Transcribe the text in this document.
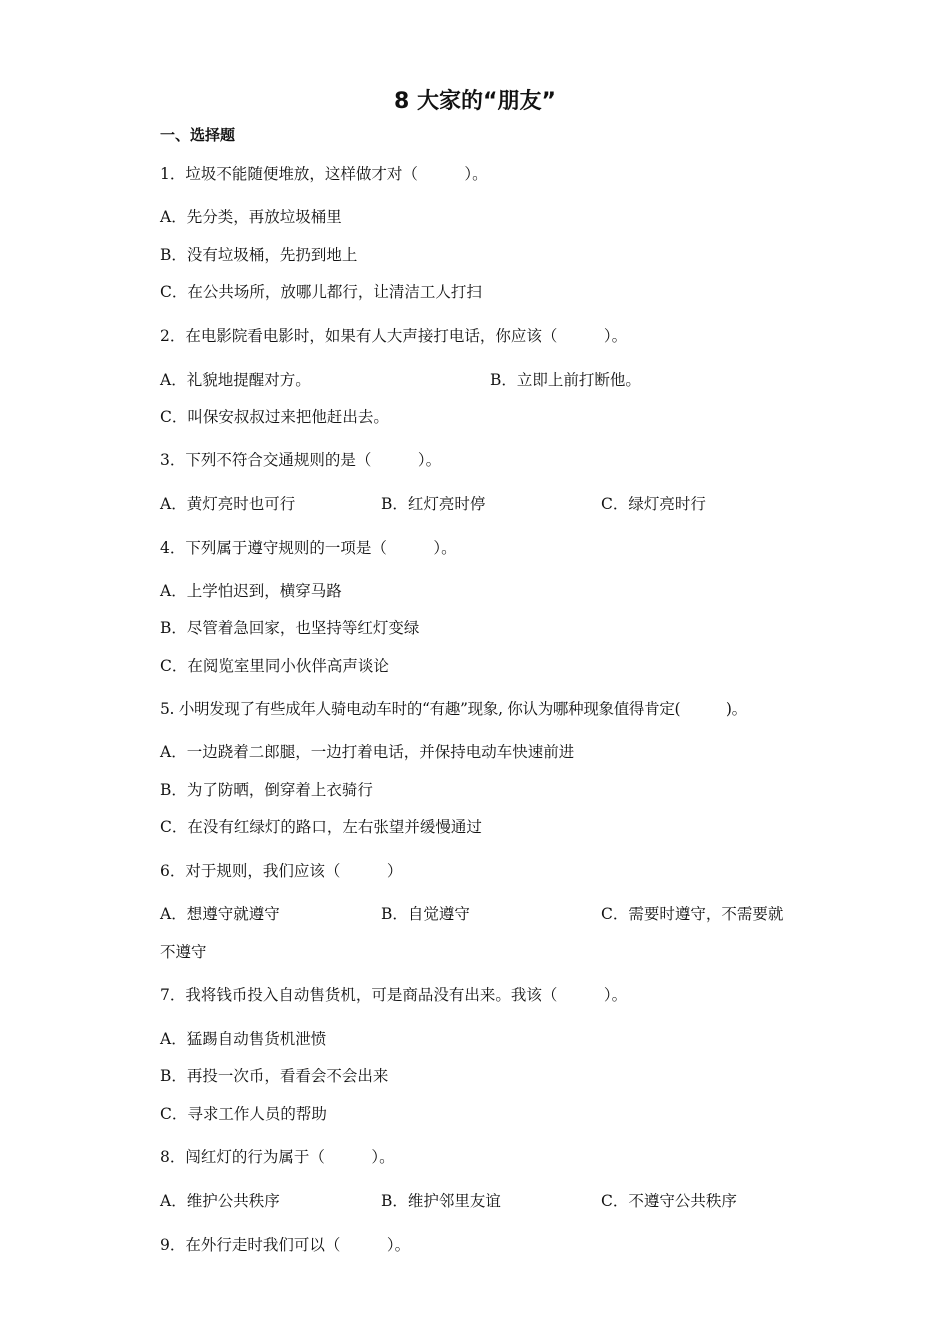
8 大家的“朋友”
一、选择题
1．垃圾不能随便堆放，这样做才对（　　　）。
A．先分类，再放垃圾桶里
B．没有垃圾桶，先扔到地上
C．在公共场所，放哪儿都行，让清洁工人打扫
2．在电影院看电影时，如果有人大声接打电话，你应该（　　　）。
A．礼貌地提醒对方。	B．立即上前打断他。
C．叫保安叔叔过来把他赶出去。
3．下列不符合交通规则的是（　　　）。
A．黄灯亮时也可行	B．红灯亮时停	C．绿灯亮时行
4．下列属于遵守规则的一项是（　　　）。
A．上学怕迟到，横穿马路
B．尽管着急回家，也坚持等红灯变绿
C．在阅览室里同小伙伴高声谈论
5. 小明发现了有些成年人骑电动车时的“有趣”现象, 你认为哪种现象值得肯定(　　　)。
A．一边跷着二郎腿，一边打着电话，并保持电动车快速前进
B．为了防晒，倒穿着上衣骑行
C．在没有红绿灯的路口，左右张望并缓慢通过
6．对于规则，我们应该（　　　）
A．想遵守就遵守	B．自觉遵守	C．需要时遵守，不需要就
不遵守
7．我将钱币投入自动售货机，可是商品没有出来。我该（　　　）。
A．猛踢自动售货机泄愤
B．再投一次币，看看会不会出来
C．寻求工作人员的帮助
8．闯红灯的行为属于（　　　）。
A．维护公共秩序	B．维护邻里友谊	C．不遵守公共秩序
9．在外行走时我们可以（　　　）。
